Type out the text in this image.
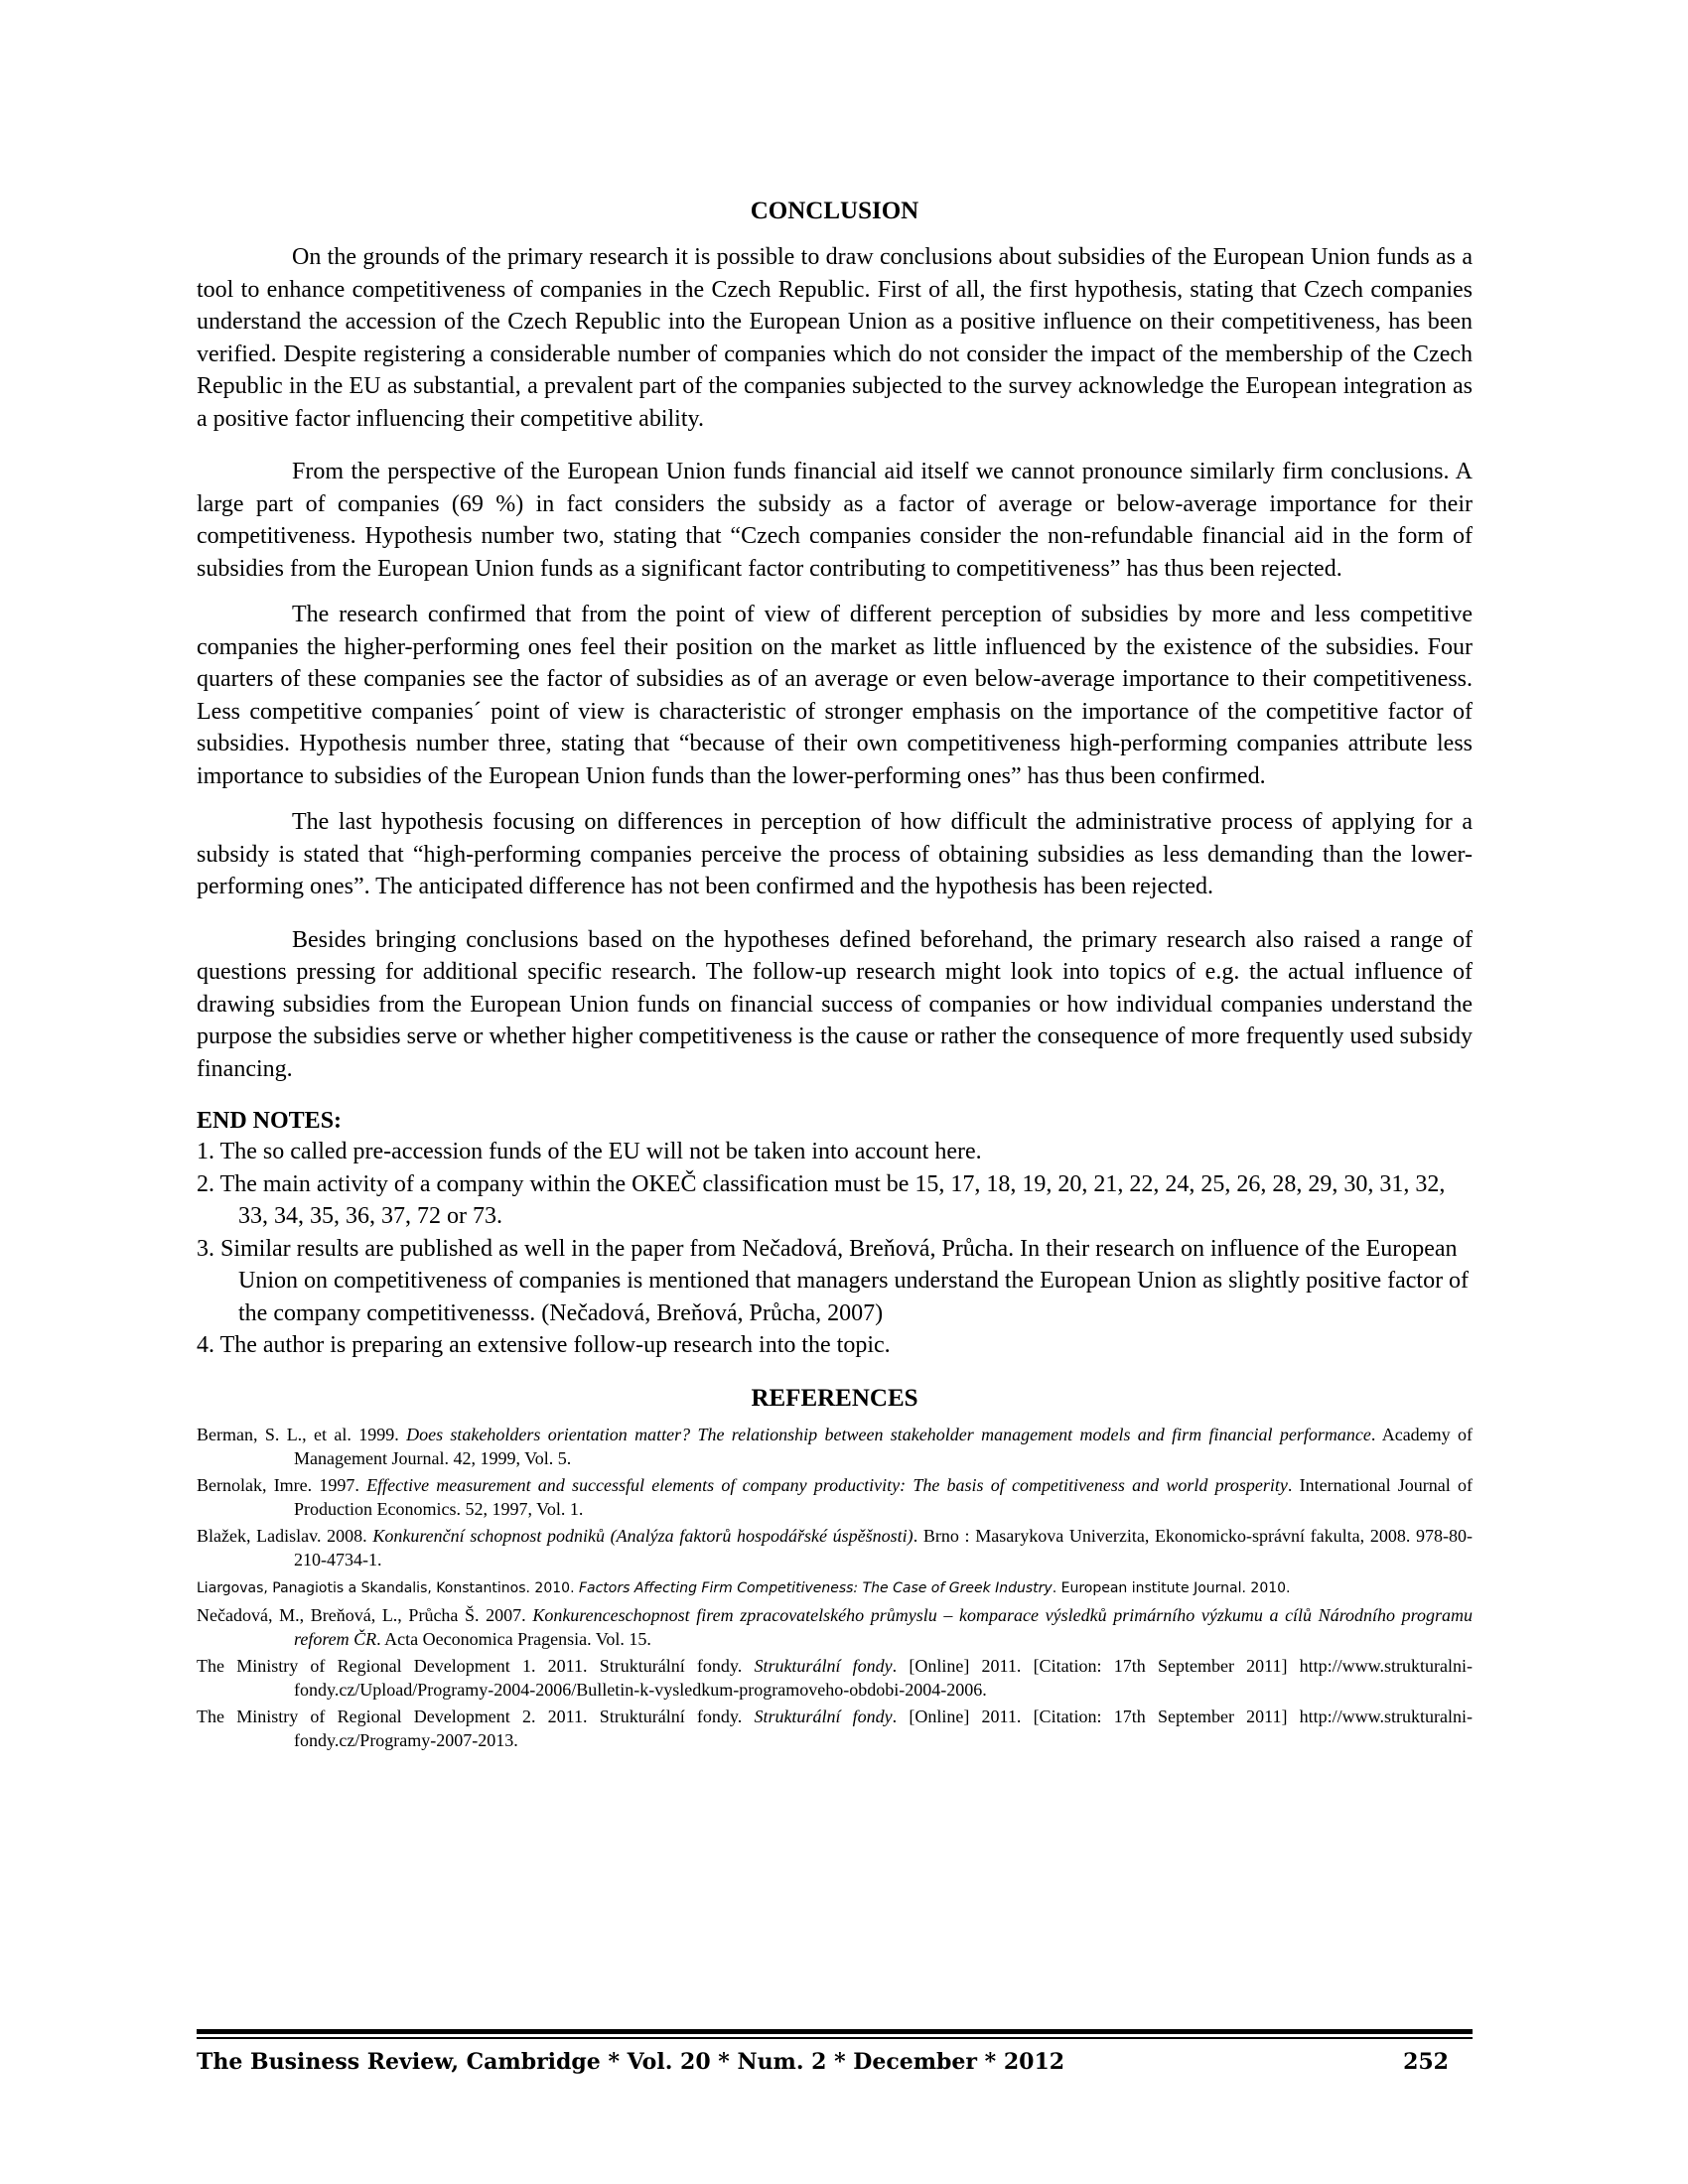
CONCLUSION

On the grounds of the primary research it is possible to draw conclusions about subsidies of the European Union funds as a tool to enhance competitiveness of companies in the Czech Republic. First of all, the first hypothesis, stating that Czech companies understand the accession of the Czech Republic into the European Union as a positive influence on their competitiveness, has been verified. Despite registering a considerable number of companies which do not consider the impact of the membership of the Czech Republic in the EU as substantial, a prevalent part of the companies subjected to the survey acknowledge the European integration as a positive factor influencing their competitive ability.

From the perspective of the European Union funds financial aid itself we cannot pronounce similarly firm conclusions. A large part of companies (69 %) in fact considers the subsidy as a factor of average or below-average importance for their competitiveness. Hypothesis number two, stating that “Czech companies consider the non-refundable financial aid in the form of subsidies from the European Union funds as a significant factor contributing to competitiveness” has thus been rejected.

The research confirmed that from the point of view of different perception of subsidies by more and less competitive companies the higher-performing ones feel their position on the market as little influenced by the existence of the subsidies. Four quarters of these companies see the factor of subsidies as of an average or even below-average importance to their competitiveness. Less competitive companies´ point of view is characteristic of stronger emphasis on the importance of the competitive factor of subsidies. Hypothesis number three, stating that “because of their own competitiveness high-performing companies attribute less importance to subsidies of the European Union funds than the lower-performing ones” has thus been confirmed.

The last hypothesis focusing on differences in perception of how difficult the administrative process of applying for a subsidy is stated that “high-performing companies perceive the process of obtaining subsidies as less demanding than the lower-performing ones”. The anticipated difference has not been confirmed and the hypothesis has been rejected.

Besides bringing conclusions based on the hypotheses defined beforehand, the primary research also raised a range of questions pressing for additional specific research. The follow-up research might look into topics of e.g. the actual influence of drawing subsidies from the European Union funds on financial success of companies or how individual companies understand the purpose the subsidies serve or whether higher competitiveness is the cause or rather the consequence of more frequently used subsidy financing.

END NOTES:

1. The so called pre-accession funds of the EU will not be taken into account here.
2. The main activity of a company within the OKEČ classification must be 15, 17, 18, 19, 20, 21, 22, 24, 25, 26, 28, 29, 30, 31, 32, 33, 34, 35, 36, 37, 72 or 73.
3. Similar results are published as well in the paper from Nečadová, Breňová, Průcha. In their research on influence of the European Union on competitiveness of companies is mentioned that managers understand the European Union as slightly positive factor of the company competitivenesss. (Nečadová, Breňová, Průcha, 2007)
4. The author is preparing an extensive follow-up research into the topic.
REFERENCES
Berman, S. L., et al. 1999. Does stakeholders orientation matter? The relationship between stakeholder management models and firm financial performance. Academy of Management Journal. 42, 1999, Vol. 5.
Bernolak, Imre. 1997. Effective measurement and successful elements of company productivity: The basis of competitiveness and world prosperity. International Journal of Production Economics. 52, 1997, Vol. 1.
Blažek, Ladislav. 2008. Konkurenční schopnost podniků (Analýza faktorů hospodářské úspěšnosti). Brno : Masarykova Univerzita, Ekonomicko-správní fakulta, 2008. 978-80-210-4734-1.
Liargovas, Panagiotis a Skandalis, Konstantinos. 2010. Factors Affecting Firm Competitiveness: The Case of Greek Industry. European institute Journal. 2010.
Nečadová, M., Breňová, L., Průcha Š. 2007. Konkurenceschopnost firem zpracovatelského průmyslu – komparace výsledků primárního výzkumu a cílů Národního programu reforem ČR. Acta Oeconomica Pragensia. Vol. 15.
The Ministry of Regional Development 1. 2011. Strukturální fondy. Strukturální fondy. [Online] 2011. [Citation: 17th September 2011] http://www.strukturalni-fondy.cz/Upload/Programy-2004-2006/Bulletin-k-vysledkum-programoveho-obdobi-2004-2006.
The Ministry of Regional Development 2. 2011. Strukturální fondy. Strukturální fondy. [Online] 2011. [Citation: 17th September 2011] http://www.strukturalni-fondy.cz/Programy-2007-2013.
The Business Review, Cambridge * Vol. 20 * Num. 2 * December * 2012	252
